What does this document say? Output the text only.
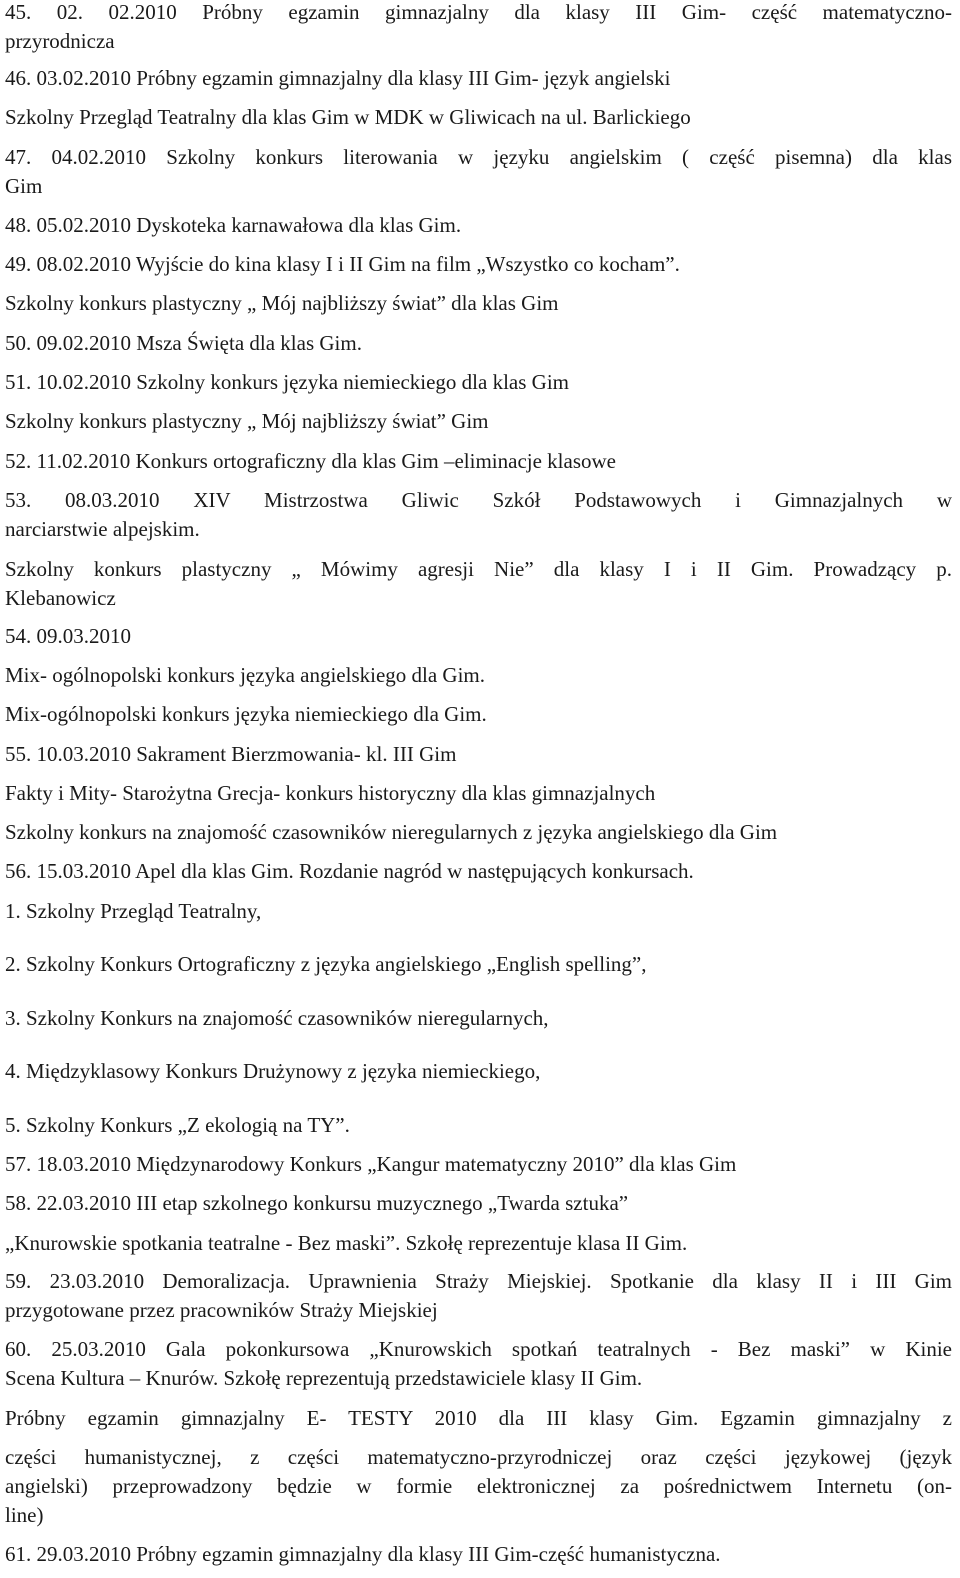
45. 02. 02.2010 Próbny egzamin gimnazjalny dla klasy III Gim- część matematyczno-
przyrodnicza
46. 03.02.2010 Próbny egzamin gimnazjalny dla klasy III Gim- język angielski
Szkolny Przegląd Teatralny dla klas Gim w MDK w Gliwicach na ul. Barlickiego
47. 04.02.2010 Szkolny konkurs literowania w języku angielskim ( część pisemna) dla klas
Gim
48. 05.02.2010 Dyskoteka karnawałowa dla klas Gim.
49. 08.02.2010 Wyjście do kina klasy I i II Gim na film „Wszystko co kocham”.
Szkolny konkurs plastyczny „ Mój najbliższy świat” dla klas Gim
50. 09.02.2010 Msza Święta dla klas Gim.
51. 10.02.2010 Szkolny konkurs języka niemieckiego dla klas Gim
Szkolny konkurs plastyczny „ Mój najbliższy świat” Gim
52. 11.02.2010 Konkurs ortograficzny dla klas Gim –eliminacje klasowe
53. 08.03.2010 XIV Mistrzostwa Gliwic Szkół Podstawowych i Gimnazjalnych w
narciarstwie alpejskim.
Szkolny konkurs plastyczny „ Mówimy agresji Nie” dla klasy I i II Gim. Prowadzący p.
Klebanowicz
54. 09.03.2010
Mix- ogólnopolski konkurs języka angielskiego dla Gim.
Mix-ogólnopolski konkurs języka niemieckiego dla Gim.
55. 10.03.2010 Sakrament Bierzmowania- kl. III Gim
Fakty i Mity- Starożytna Grecja- konkurs historyczny dla klas gimnazjalnych
Szkolny konkurs na znajomość czasowników nieregularnych z języka angielskiego dla Gim
56. 15.03.2010 Apel dla klas Gim. Rozdanie nagród w następujących konkursach.
1. Szkolny Przegląd Teatralny,
2. Szkolny Konkurs Ortograficzny z języka angielskiego „English spelling”,
3. Szkolny Konkurs na znajomość czasowników nieregularnych,
4. Międzyklasowy Konkurs Drużynowy z języka niemieckiego,
5. Szkolny Konkurs „Z ekologią na TY”.
57. 18.03.2010 Międzynarodowy Konkurs „Kangur matematyczny 2010” dla klas Gim
58. 22.03.2010 III etap szkolnego konkursu muzycznego „Twarda sztuka”
„Knurowskie spotkania teatralne - Bez maski”. Szkołę reprezentuje klasa II Gim.
59. 23.03.2010 Demoralizacja. Uprawnienia Straży Miejskiej. Spotkanie dla klasy II i III Gim
przygotowane przez pracowników Straży Miejskiej
60. 25.03.2010 Gala pokonkursowa „Knurowskich spotkań teatralnych - Bez maski” w Kinie
Scena Kultura – Knurów. Szkołę reprezentują przedstawiciele klasy II Gim.
Próbny egzamin gimnazjalny E- TESTY 2010 dla III klasy Gim. Egzamin gimnazjalny z
części humanistycznej, z części matematyczno-przyrodniczej oraz części językowej (język
angielski) przeprowadzony będzie w formie elektronicznej za pośrednictwem Internetu (on-
line)
61. 29.03.2010 Próbny egzamin gimnazjalny dla klasy III Gim-część humanistyczna.
